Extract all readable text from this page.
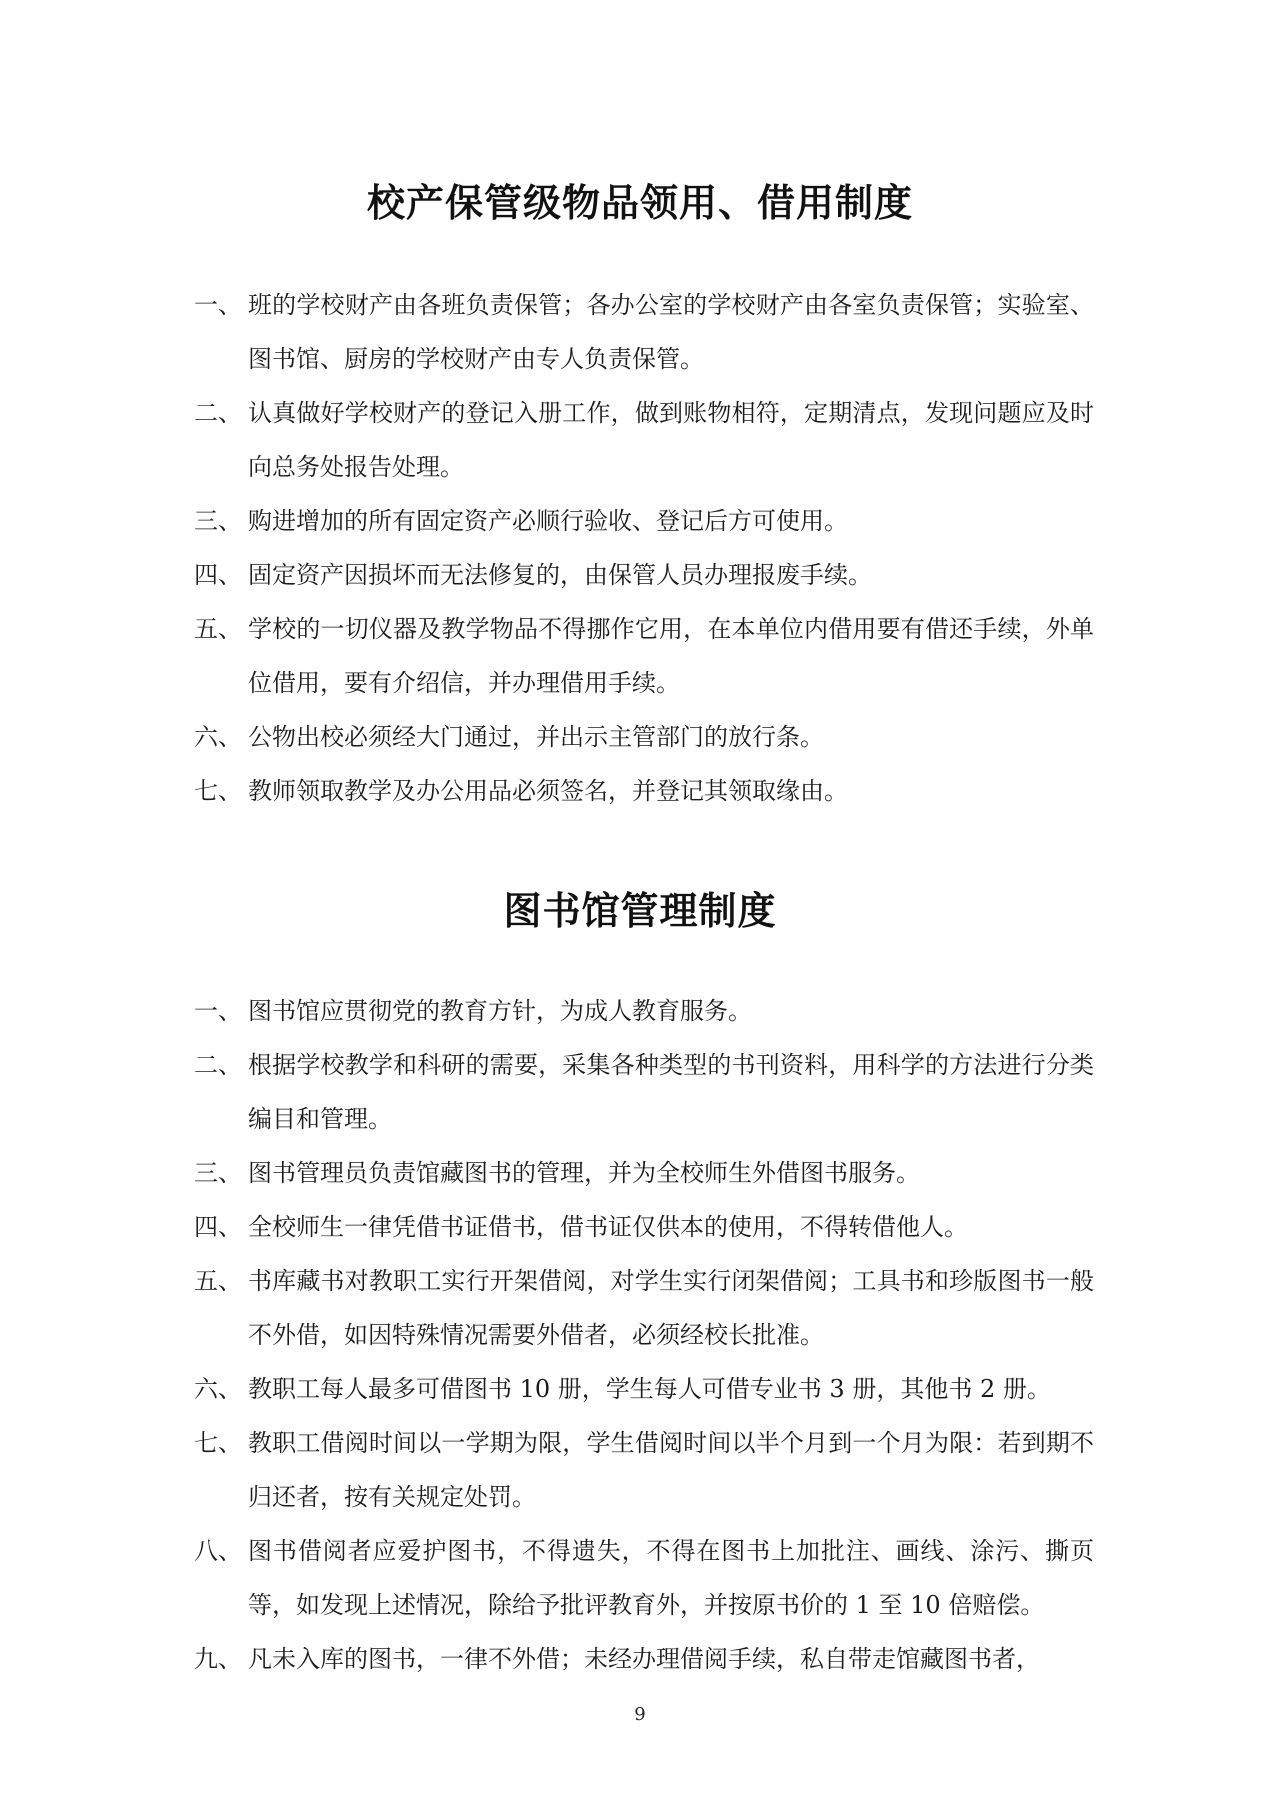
校产保管级物品领用、借用制度
一、 班的学校财产由各班负责保管；各办公室的学校财产由各室负责保管；实验室、图书馆、厨房的学校财产由专人负责保管。
二、 认真做好学校财产的登记入册工作，做到账物相符，定期清点，发现问题应及时向总务处报告处理。
三、 购进增加的所有固定资产必顺行验收、登记后方可使用。
四、 固定资产因损坏而无法修复的，由保管人员办理报废手续。
五、 学校的一切仪器及教学物品不得挪作它用，在本单位内借用要有借还手续，外单位借用，要有介绍信，并办理借用手续。
六、 公物出校必须经大门通过，并出示主管部门的放行条。
七、 教师领取教学及办公用品必须签名，并登记其领取缘由。
图书馆管理制度
一、 图书馆应贯彻党的教育方针，为成人教育服务。
二、 根据学校教学和科研的需要，采集各种类型的书刊资料，用科学的方法进行分类编目和管理。
三、 图书管理员负责馆藏图书的管理，并为全校师生外借图书服务。
四、 全校师生一律凭借书证借书，借书证仅供本的使用，不得转借他人。
五、 书库藏书对教职工实行开架借阅，对学生实行闭架借阅；工具书和珍版图书一般不外借，如因特殊情况需要外借者，必须经校长批准。
六、 教职工每人最多可借图书 10 册，学生每人可借专业书 3 册，其他书 2 册。
七、 教职工借阅时间以一学期为限，学生借阅时间以半个月到一个月为限：若到期不归还者，按有关规定处罚。
八、 图书借阅者应爱护图书，不得遗失，不得在图书上加批注、画线、涂污、撕页等，如发现上述情况，除给予批评教育外，并按原书价的 1 至 10 倍赔偿。
九、 凡未入库的图书，一律不外借；未经办理借阅手续，私自带走馆藏图书者，
9
